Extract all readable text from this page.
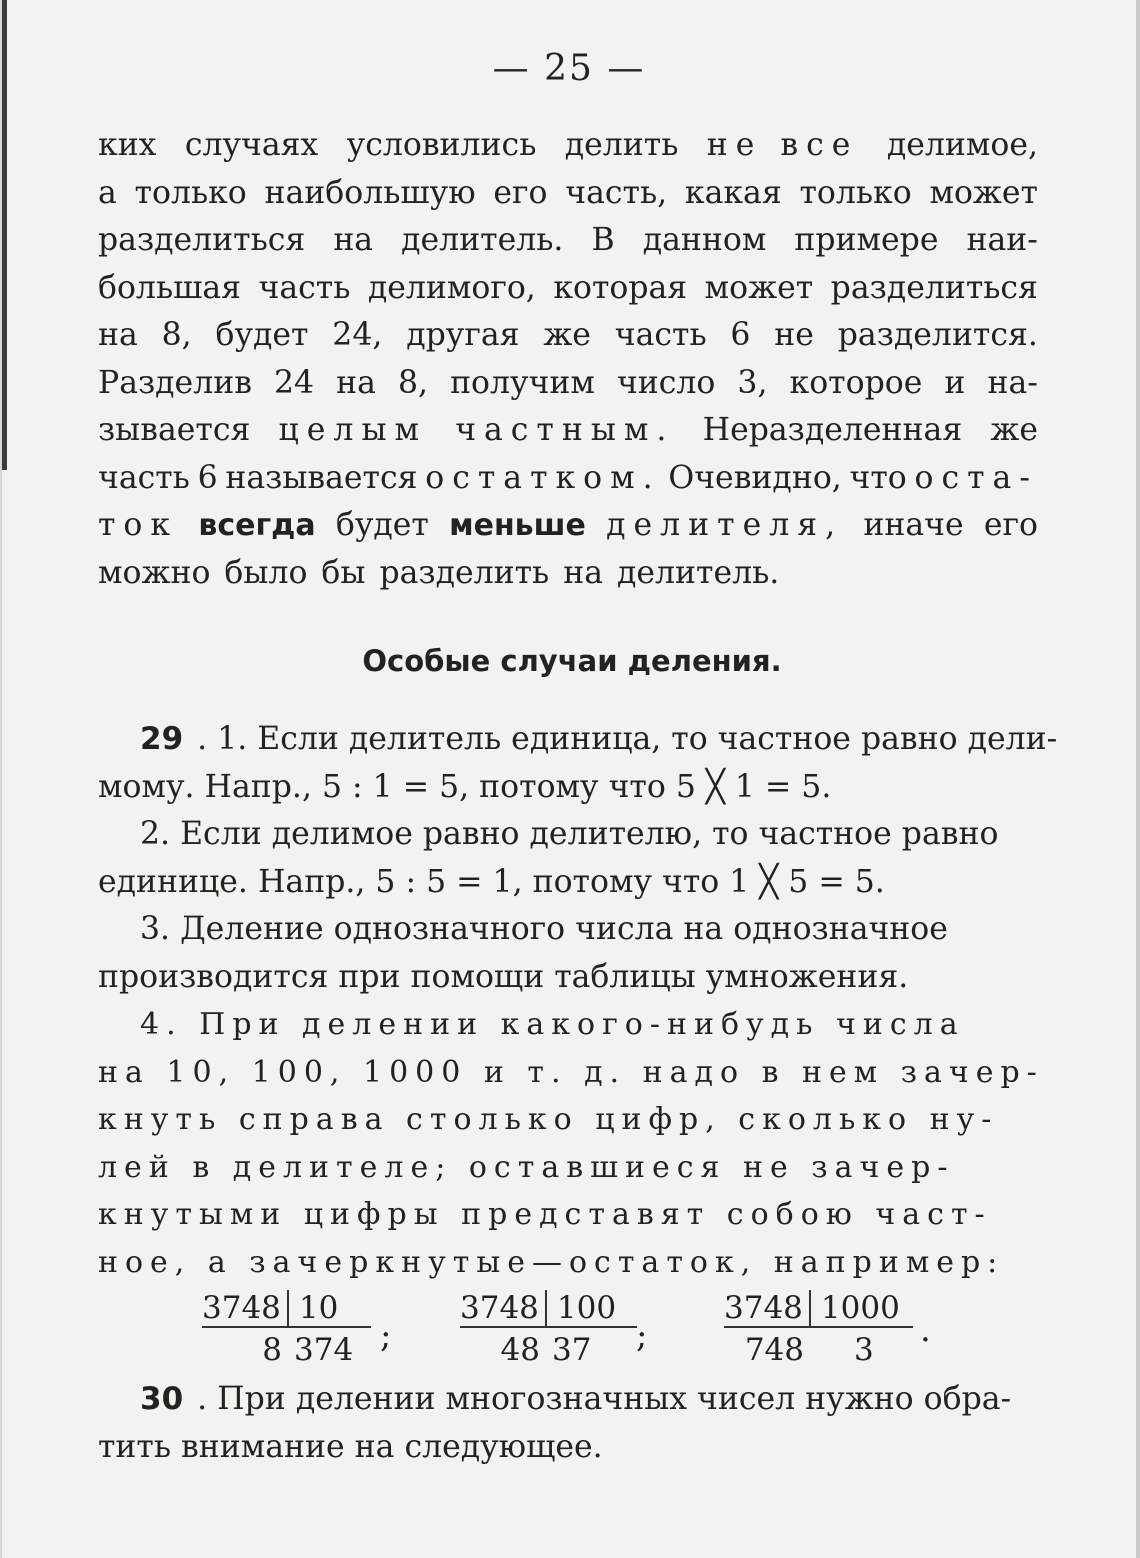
— 25 —
ких случаях условились делить не все делимое,
а только наибольшую его часть, какая только может
разделиться на делитель. В данном примере наи-
большая часть делимого, которая может разделиться
на 8, будет 24, другая же часть 6 не разделится.
Разделив 24 на 8, получим число 3, которое и на-
зывается целым частным. Неразделенная же
часть 6 называется остатком. Очевидно, что оста-
ток всегда будет меньше делителя, иначе его
можно было бы разделить на делитель.
Особые случаи деления.
29 . 1. Если делитель единица, то частное равно дели-
мому. Напр., 5 : 1 = 5, потому что 5 ╳ 1 = 5.
2. Если делимое равно делителю, то частное равно
единице. Напр., 5 : 5 = 1, потому что 1 ╳ 5 = 5.
3. Деление однозначного числа на однозначное
производится при помощи таблицы умножения.
4. При делении какого-нибудь числа
на 10, 100, 1000 и т. д. надо в нем зачер-
кнуть справа столько цифр, сколько ну-
лей в делителе; оставшиеся не зачер-
кнутыми цифры представят собою част-
ное, а зачеркнутые—остаток, например:
3748 10
8 374 ;
3748 100
48 37 ;
3748 1000
748	3 .
30 . При делении многозначных чисел нужно обра-
тить внимание на следующее.
